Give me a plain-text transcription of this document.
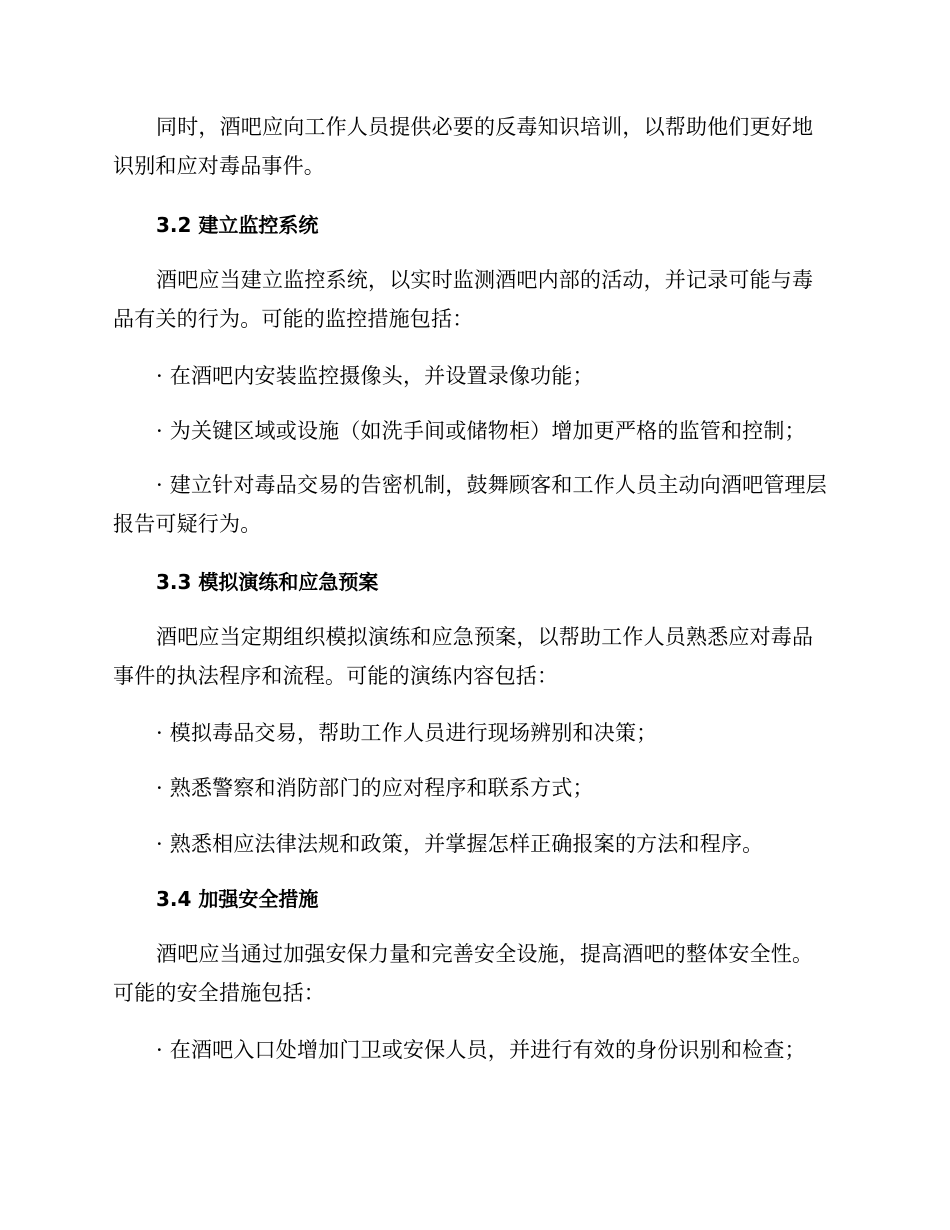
同时，酒吧应向工作人员提供必要的反毒知识培训，以帮助他们更好地识别和应对毒品事件。

3.2 建立监控系统

酒吧应当建立监控系统，以实时监测酒吧内部的活动，并记录可能与毒品有关的行为。可能的监控措施包括：

· 在酒吧内安装监控摄像头，并设置录像功能；

· 为关键区域或设施（如洗手间或储物柜）增加更严格的监管和控制；

· 建立针对毒品交易的告密机制，鼓舞顾客和工作人员主动向酒吧管理层报告可疑行为。

3.3 模拟演练和应急预案

酒吧应当定期组织模拟演练和应急预案，以帮助工作人员熟悉应对毒品事件的执法程序和流程。可能的演练内容包括：

· 模拟毒品交易，帮助工作人员进行现场辨别和决策；

· 熟悉警察和消防部门的应对程序和联系方式；

· 熟悉相应法律法规和政策，并掌握怎样正确报案的方法和程序。

3.4 加强安全措施

酒吧应当通过加强安保力量和完善安全设施，提高酒吧的整体安全性。可能的安全措施包括：

· 在酒吧入口处增加门卫或安保人员，并进行有效的身份识别和检查；
